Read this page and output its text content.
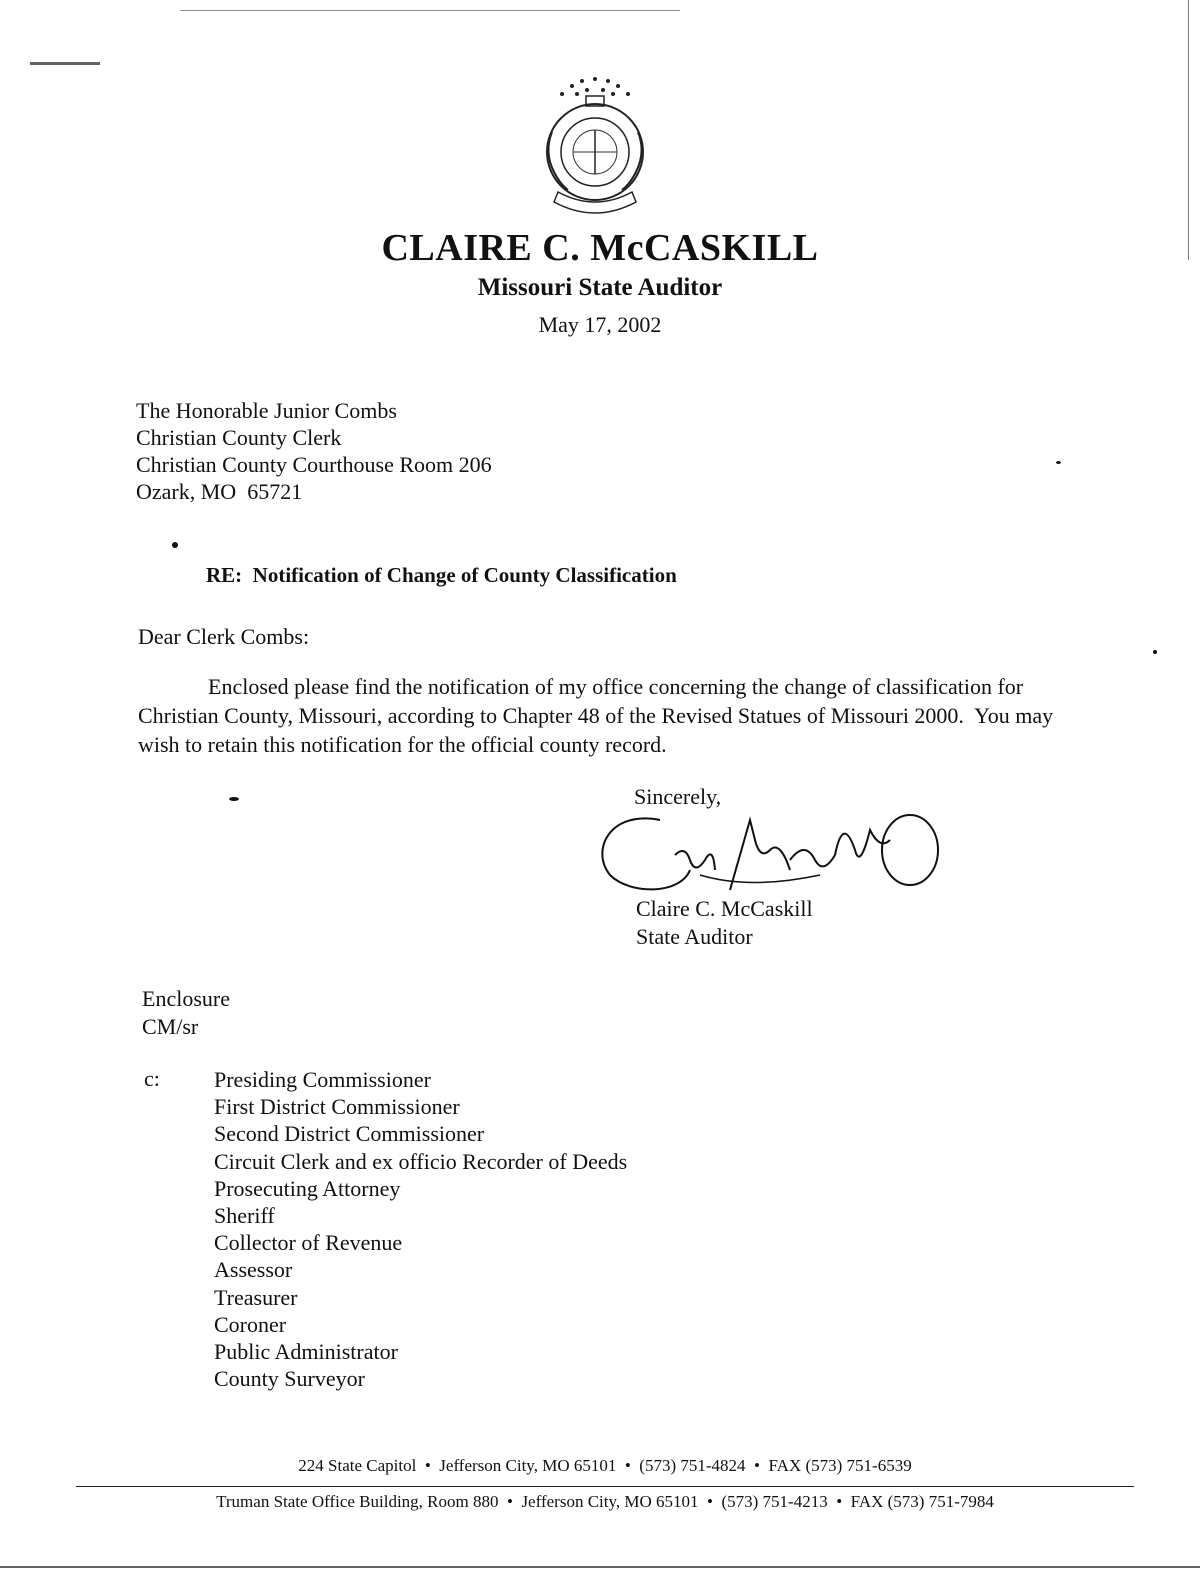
CLAIRE C. McCASKILL
Missouri State Auditor
May 17, 2002
The Honorable Junior Combs
Christian County Clerk
Christian County Courthouse Room 206
Ozark, MO  65721
RE:  Notification of Change of County Classification
Dear Clerk Combs:

Enclosed please find the notification of my office concerning the change of classification for Christian County, Missouri, according to Chapter 48 of the Revised Statues of Missouri 2000.  You may wish to retain this notification for the official county record.

Sincerely,
Claire C. McCaskill
State Auditor
Enclosure
CM/sr
c: Presiding Commissioner
First District Commissioner
Second District Commissioner
Circuit Clerk and ex officio Recorder of Deeds
Prosecuting Attorney
Sheriff
Collector of Revenue
Assessor
Treasurer
Coroner
Public Administrator
County Surveyor
224 State Capitol  •  Jefferson City, MO 65101  •  (573) 751-4824  •  FAX (573) 751-6539
Truman State Office Building, Room 880  •  Jefferson City, MO 65101  •  (573) 751-4213  •  FAX (573) 751-7984
